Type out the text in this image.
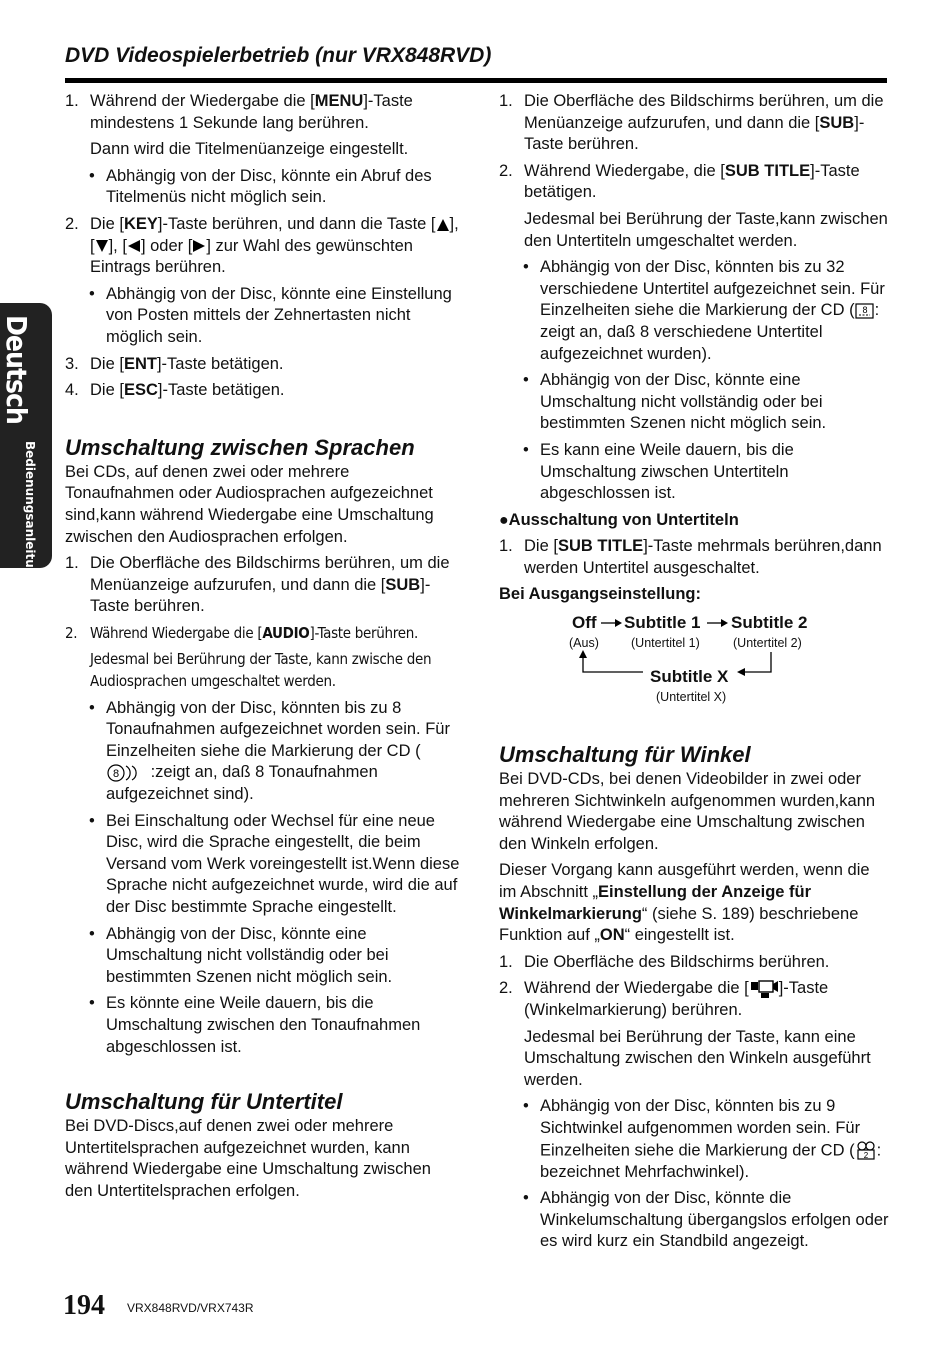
DVD Videospielerbetrieb (nur VRX848RVD)
Deutsch
Bedienungsanleitung
1. Während der Wiedergabe die [MENU]-Taste mindestens 1 Sekunde lang berühren.

Dann wird die Titelmenüanzeige eingestellt.

• Abhängig von der Disc, könnte ein Abruf des Titelmenüs nicht möglich sein.
2. Die [KEY]-Taste berühren, und dann die Taste [ ], [ ], [ ] oder [ ] zur Wahl des gewünschten Eintrags berühren.
• Abhängig von der Disc, könnte eine Einstellung von Posten mittels der Zehnertasten nicht möglich sein.
3. Die [ENT]-Taste betätigen.
4. Die [ESC]-Taste betätigen.
Umschaltung zwischen Sprachen

Bei CDs, auf denen zwei oder mehrere Tonaufnahmen oder Audiosprachen aufgezeichnet sind,kann während Wiedergabe eine Umschaltung zwischen den Audiosprachen erfolgen.

1. Die Oberfläche des Bildschirms berühren, um die Menüanzeige aufzurufen, und dann die [SUB]-Taste berühren.
2. Während Wiedergabe die [AUDIO]-Taste berühren.

Jedesmal bei Berührung der Taste, kann zwische den Audiosprachen umgeschaltet werden.

• Abhängig von der Disc, könnten bis zu 8 Tonaufnahmen aufgezeichnet worden sein. Für Einzelheiten siehe die Markierung der CD (
8 :zeigt an, daß 8 Tonaufnahmen aufgezeichnet sind).
• Bei Einschaltung oder Wechsel für eine neue Disc, wird die Sprache eingestellt, die beim Versand vom Werk voreingestellt ist.Wenn diese Sprache nicht aufgezeichnet wurde, wird die auf der Disc bestimmte Sprache eingestellt.
• Abhängig von der Disc, könnte eine Umschaltung nicht vollständig oder bei bestimmten Szenen nicht möglich sein.
• Es könnte eine Weile dauern, bis die Umschaltung zwischen den Tonaufnahmen abgeschlossen ist.
Umschaltung für Untertitel

Bei DVD-Discs,auf denen zwei oder mehrere Untertitelsprachen aufgezeichnet wurden, kann während Wiedergabe eine Umschaltung zwischen den Untertitelsprachen erfolgen.

1. Die Oberfläche des Bildschirms berühren, um die Menüanzeige aufzurufen, und dann die [SUB]-Taste berühren.
2. Während Wiedergabe, die [SUB TITLE]-Taste betätigen.

Jedesmal bei Berührung der Taste,kann zwischen den Untertiteln umgeschaltet werden.

• Abhängig von der Disc, könnten bis zu 32 verschiedene Untertitel aufgezeichnet sein. Für Einzelheiten siehe die Markierung der CD ( 8 : zeigt an, daß 8 verschiedene Untertitel aufgezeichnet wurden).
• Abhängig von der Disc, könnte eine Umschaltung nicht vollständig oder bei bestimmten Szenen nicht möglich sein.
• Es kann eine Weile dauern, bis die Umschaltung ziwschen Untertiteln abgeschlossen ist.
●Ausschaltung von Untertiteln
1. Die [SUB TITLE]-Taste mehrmals berühren,dann werden Untertitel ausgeschaltet.
Bei Ausgangseinstellung:
Off
(Aus)
Subtitle 1
(Untertitel 1)
Subtitle 2
(Untertitel 2)
Subtitle X
(Untertitel X)
Umschaltung für Winkel

Bei DVD-CDs, bei denen Videobilder in zwei oder mehreren Sichtwinkeln aufgenommen wurden,kann während Wiedergabe eine Umschaltung zwischen den Winkeln erfolgen.

Dieser Vorgang kann ausgeführt werden, wenn die im Abschnitt „Einstellung der Anzeige für Winkelmarkierung“ (siehe S. 189) beschriebene Funktion auf „ON“ eingestellt ist.

1. Die Oberfläche des Bildschirms berühren.
2. Während der Wiedergabe die [ ]-Taste (Winkelmarkierung) berühren.

Jedesmal bei Berührung der Taste, kann eine Umschaltung zwischen den Winkeln ausgeführt werden.

• Abhängig von der Disc, könnten bis zu 9 Sichtwinkel aufgenommen worden sein. Für Einzelheiten siehe die Markierung der CD ( 2 : bezeichnet Mehrfachwinkel).
• Abhängig von der Disc, könnte die Winkelumschaltung übergangslos erfolgen oder es wird kurz ein Standbild angezeigt.
194 VRX848RVD/VRX743R
